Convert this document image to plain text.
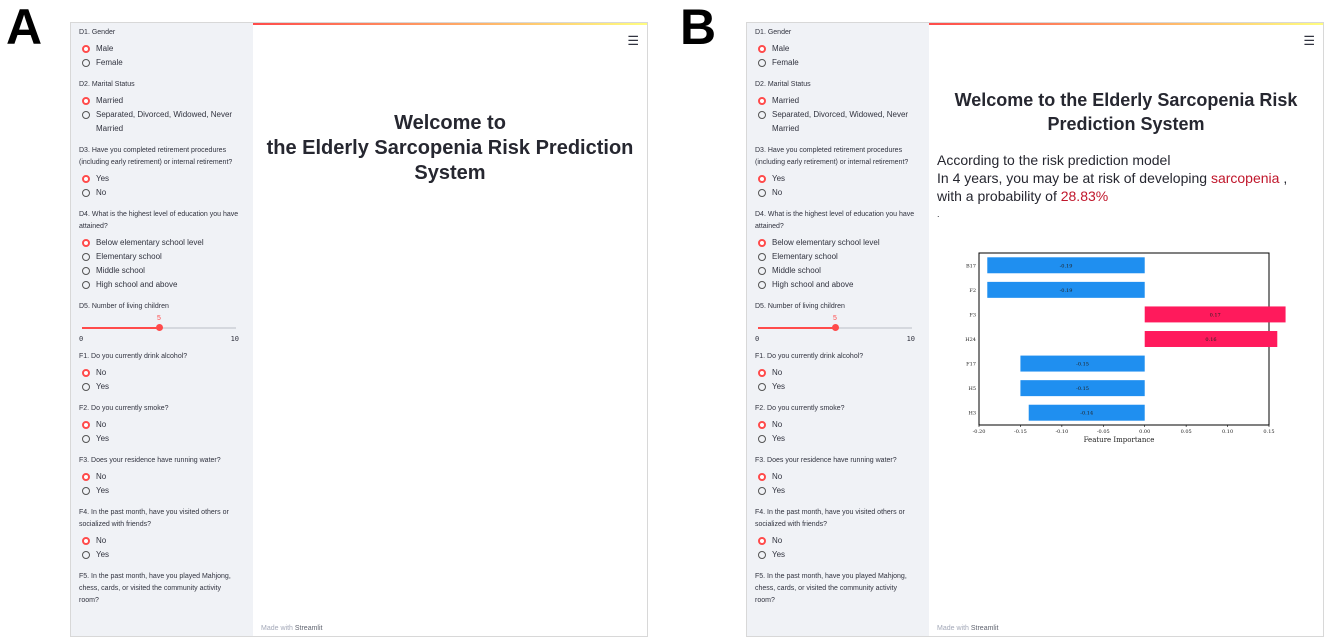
A	B
D1. Gender
Male
Female
D2. Marital Status
Married
Separated, Divorced, Widowed, Never Married
D3. Have you completed retirement procedures (including early retirement) or internal retirement?
Yes
No
D4. What is the highest level of education you have attained?
Below elementary school level
Elementary school
Middle school
High school and above
D5. Number of living children
5
0	10
F1. Do you currently drink alcohol?
No
Yes
F2. Do you currently smoke?
No
Yes
F3. Does your residence have running water?
No
Yes
F4. In the past month, have you visited others or socialized with friends?
No
Yes
F5. In the past month, have you played Mahjong, chess, cards, or visited the community activity room?
☰
Welcome to
the Elderly Sarcopenia Risk Prediction
System
Made with Streamlit
D1. Gender
Male
Female
D2. Marital Status
Married
Separated, Divorced, Widowed, Never Married
D3. Have you completed retirement procedures (including early retirement) or internal retirement?
Yes
No
D4. What is the highest level of education you have attained?
Below elementary school level
Elementary school
Middle school
High school and above
D5. Number of living children
5
0	10
F1. Do you currently drink alcohol?
No
Yes
F2. Do you currently smoke?
No
Yes
F3. Does your residence have running water?
No
Yes
F4. In the past month, have you visited others or socialized with friends?
No
Yes
F5. In the past month, have you played Mahjong, chess, cards, or visited the community activity room?
☰
Welcome to the Elderly Sarcopenia Risk
Prediction System
According to the risk prediction model
In 4 years, you may be at risk of developing sarcopenia ,
with a probability of 28.83%
.
-0.19
B17
-0.19
F2
0.17
F3
0.16
H24
-0.15
F17
-0.15
H5
-0.14
H3
-0.20	-0.15	-0.10	-0.05	0.00	0.05	0.10	0.15
Feature Importance
Made with Streamlit
